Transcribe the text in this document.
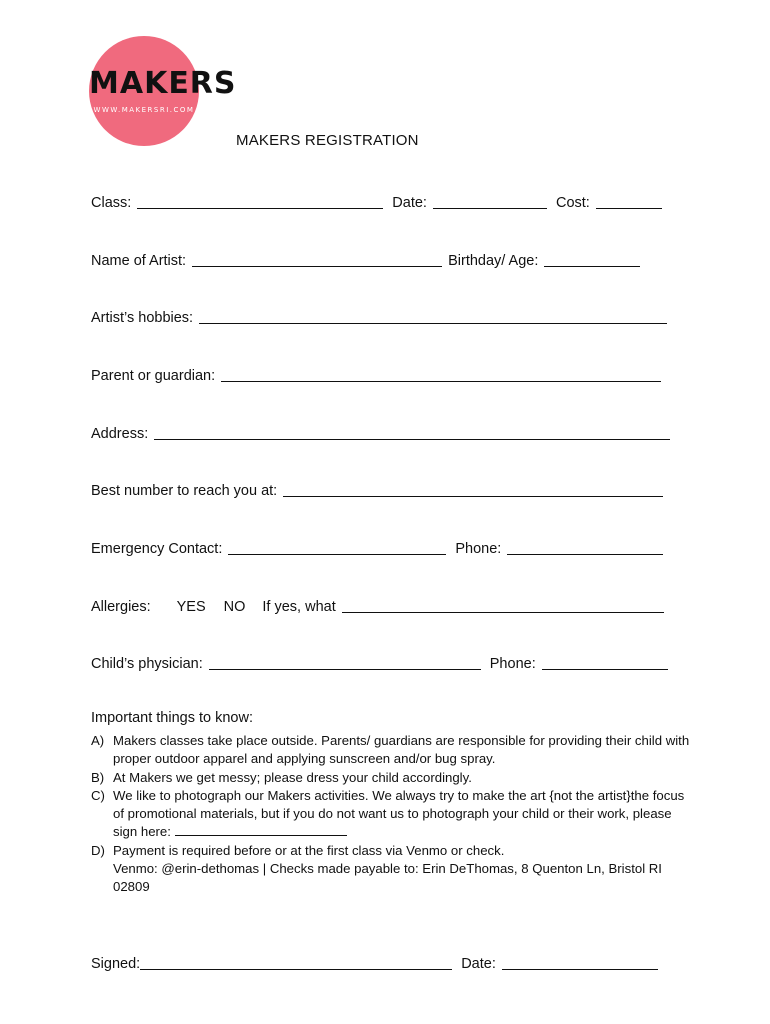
MAKERS
WWW.MAKERSRI.COM
MAKERS REGISTRATION
Class:	Date:	Cost:
Name of Artist:	Birthday/ Age:
Artist’s hobbies:
Parent or guardian:
Address:
Best number to reach you at:
Emergency Contact:	Phone:
Allergies: YES NO If yes, what
Child’s physician:	Phone:
Important things to know:
A) Makers classes take place outside. Parents/ guardians are responsible for providing their child with proper outdoor apparel and applying sunscreen and/or bug spray.
B) At Makers we get messy; please dress your child accordingly.
C) We like to photograph our Makers activities. We always try to make the art {not the artist}the focus of promotional materials, but if you do not want us to photograph your child or their work, please sign here:
D) Payment is required before or at the first class via Venmo or check.
Venmo: @erin-dethomas | Checks made payable to: Erin DeThomas, 8 Quenton Ln, Bristol RI 02809
Signed:	Date:
